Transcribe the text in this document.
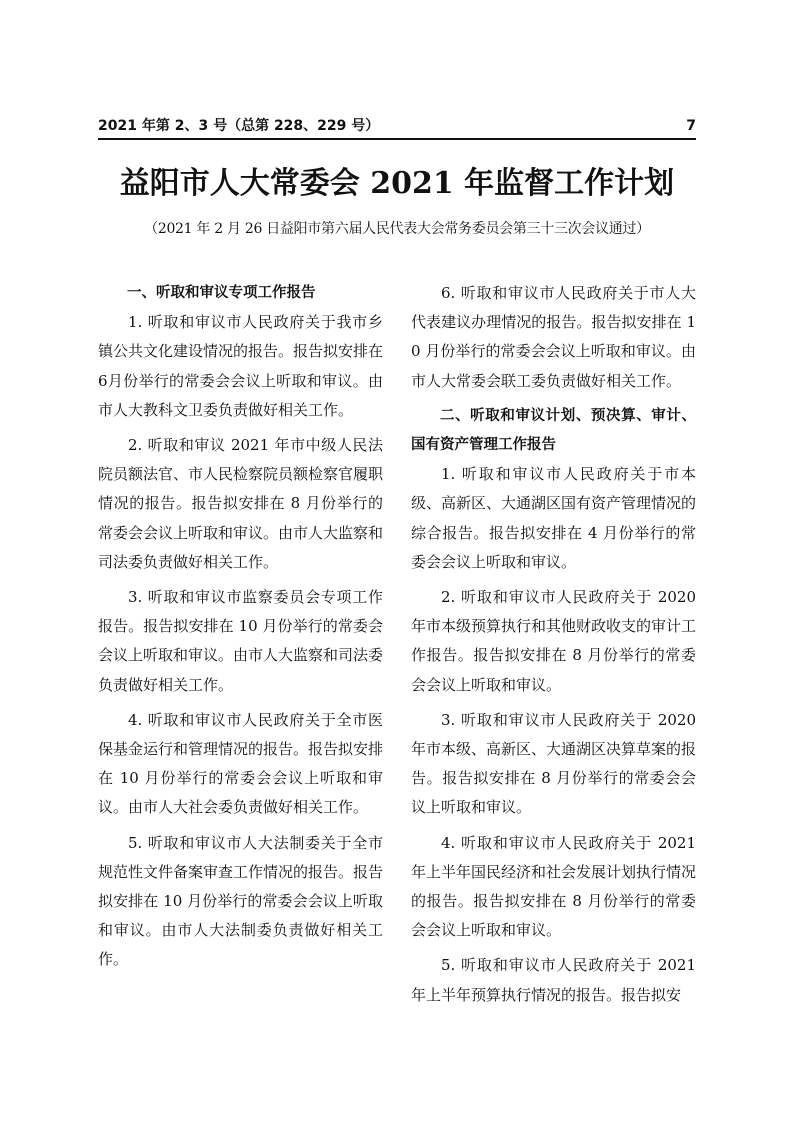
2021 年第 2、3 号（总第 228、229 号）	7
益阳市人大常委会 2021 年监督工作计划
（2021 年 2 月 26 日益阳市第六届人民代表大会常务委员会第三十三次会议通过）
一、听取和审议专项工作报告

1. 听取和审议市人民政府关于我市乡镇公共文化建设情况的报告。报告拟安排在6月份举行的常委会会议上听取和审议。由市人大教科文卫委负责做好相关工作。

2. 听取和审议 2021 年市中级人民法院员额法官、市人民检察院员额检察官履职情况的报告。报告拟安排在 8 月份举行的常委会会议上听取和审议。由市人大监察和司法委负责做好相关工作。

3. 听取和审议市监察委员会专项工作报告。报告拟安排在 10 月份举行的常委会会议上听取和审议。由市人大监察和司法委负责做好相关工作。

4. 听取和审议市人民政府关于全市医保基金运行和管理情况的报告。报告拟安排在 10 月份举行的常委会会议上听取和审议。由市人大社会委负责做好相关工作。

5. 听取和审议市人大法制委关于全市规范性文件备案审查工作情况的报告。报告拟安排在 10 月份举行的常委会会议上听取和审议。由市人大法制委负责做好相关工作。

6. 听取和审议市人民政府关于市人大代表建议办理情况的报告。报告拟安排在 10 月份举行的常委会会议上听取和审议。由市人大常委会联工委负责做好相关工作。

二、听取和审议计划、预决算、审计、国有资产管理工作报告

1. 听取和审议市人民政府关于市本级、高新区、大通湖区国有资产管理情况的综合报告。报告拟安排在 4 月份举行的常委会会议上听取和审议。

2. 听取和审议市人民政府关于 2020 年市本级预算执行和其他财政收支的审计工作报告。报告拟安排在 8 月份举行的常委会会议上听取和审议。

3. 听取和审议市人民政府关于 2020 年市本级、高新区、大通湖区决算草案的报告。报告拟安排在 8 月份举行的常委会会议上听取和审议。

4. 听取和审议市人民政府关于 2021 年上半年国民经济和社会发展计划执行情况的报告。报告拟安排在 8 月份举行的常委会会议上听取和审议。

5. 听取和审议市人民政府关于 2021 年上半年预算执行情况的报告。报告拟安
